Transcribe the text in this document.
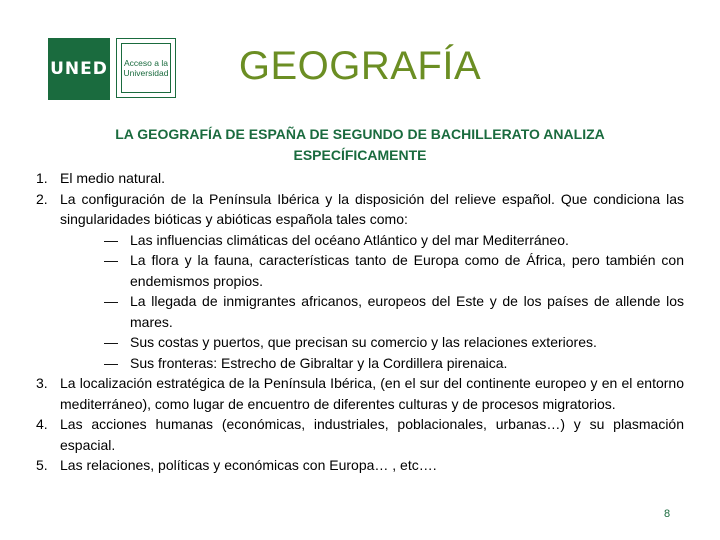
UNED	Acceso a la Universidad	GEOGRAFÍA
LA GEOGRAFÍA DE ESPAÑA DE SEGUNDO DE BACHILLERATO ANALIZA ESPECÍFICAMENTE
1. El medio natural.
2. La configuración de la Península Ibérica y la disposición del relieve español. Que condiciona las singularidades bióticas y abióticas española tales como:
— Las influencias climáticas del océano Atlántico y del mar Mediterráneo.
— La flora y la fauna, características tanto de Europa como de África, pero también con endemismos propios.
— La llegada de inmigrantes africanos, europeos del Este y de los países de allende los mares.
— Sus costas y puertos, que precisan su comercio y las relaciones exteriores.
— Sus fronteras: Estrecho de Gibraltar y la Cordillera pirenaica.
3. La localización estratégica de la Península Ibérica, (en el sur del continente europeo y en el entorno mediterráneo), como lugar de encuentro de diferentes culturas y de procesos migratorios.
4. Las acciones humanas (económicas, industriales, poblacionales, urbanas…) y su plasmación espacial.
5. Las relaciones, políticas y económicas con Europa… , etc….
8
